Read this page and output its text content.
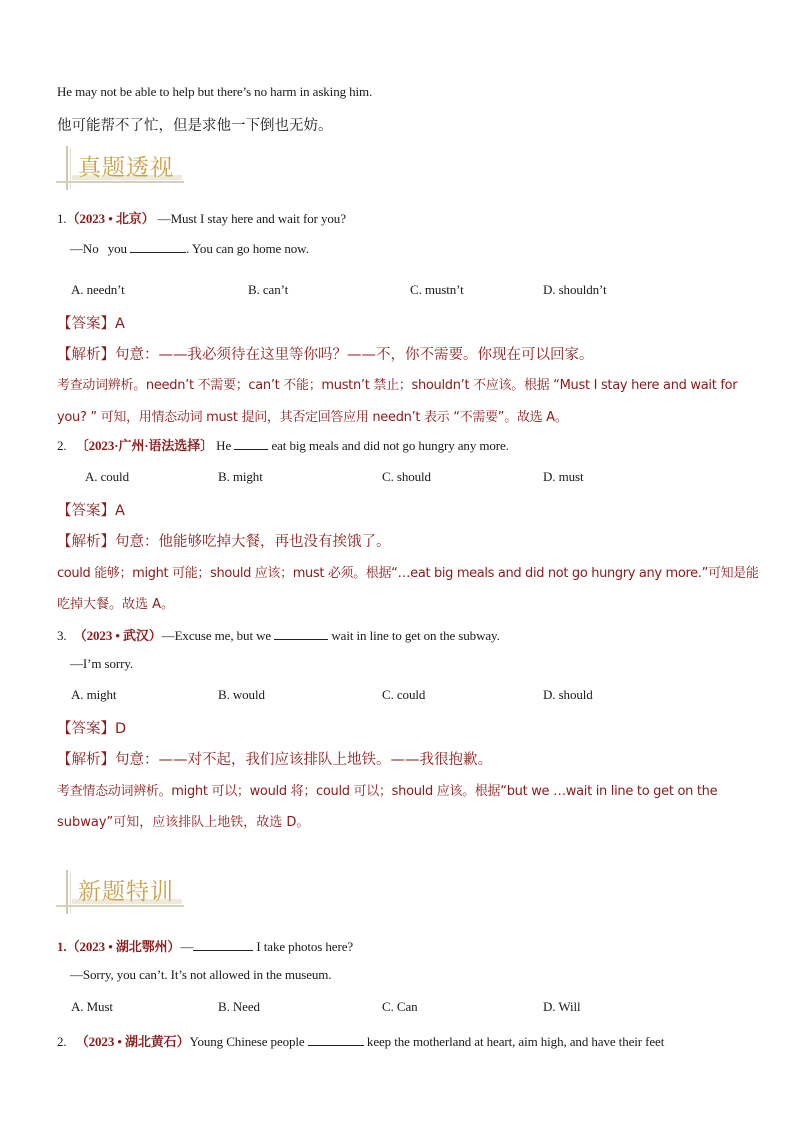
He may not be able to help but there’s no harm in asking him.
他可能帮不了忙，但是求他一下倒也无妨。
真题透视
1.（2023 • 北京） —Must I stay here and wait for you?
—No you	. You can go home now.
A. needn’t	B. can’t	C. mustn’t	D. shouldn’t
【答案】A
【解析】句意：——我必须待在这里等你吗？——不，你不需要。你现在可以回家。
考查动词辨析。needn’t 不需要；can’t 不能；mustn’t 禁止；shouldn’t 不应该。根据 “Must I stay here and wait for
you? ” 可知，用情态动词 must 提问，其否定回答应用 needn’t 表示 “不需要”。故选 A。
2. 〔2023·广州·语法选择〕 He	eat big meals and did not go hungry any more.
A. could	B. might	C. should	D. must
【答案】A
【解析】句意：他能够吃掉大餐，再也没有挨饿了。
could 能够；might 可能；should 应该；must 必须。根据“…eat big meals and did not go hungry any more.”可知是能
吃掉大餐。故选 A。
3. （2023 • 武汉）—Excuse me, but we	wait in line to get on the subway.
—I’m sorry.
A. might	B. would	C. could	D. should
【答案】D
【解析】句意：——对不起，我们应该排队上地铁。——我很抱歉。
考查情态动词辨析。might 可以；would 将；could 可以；should 应该。根据“but we …wait in line to get on the
subway”可知，应该排队上地铁，故选 D。
新题特训
1.（2023 • 湖北鄂州）—	I take photos here?
—Sorry, you can’t. It’s not allowed in the museum.
A. Must	B. Need	C. Can	D. Will
2. （2023 • 湖北黄石）Young Chinese people	keep the motherland at heart, aim high, and have their feet
